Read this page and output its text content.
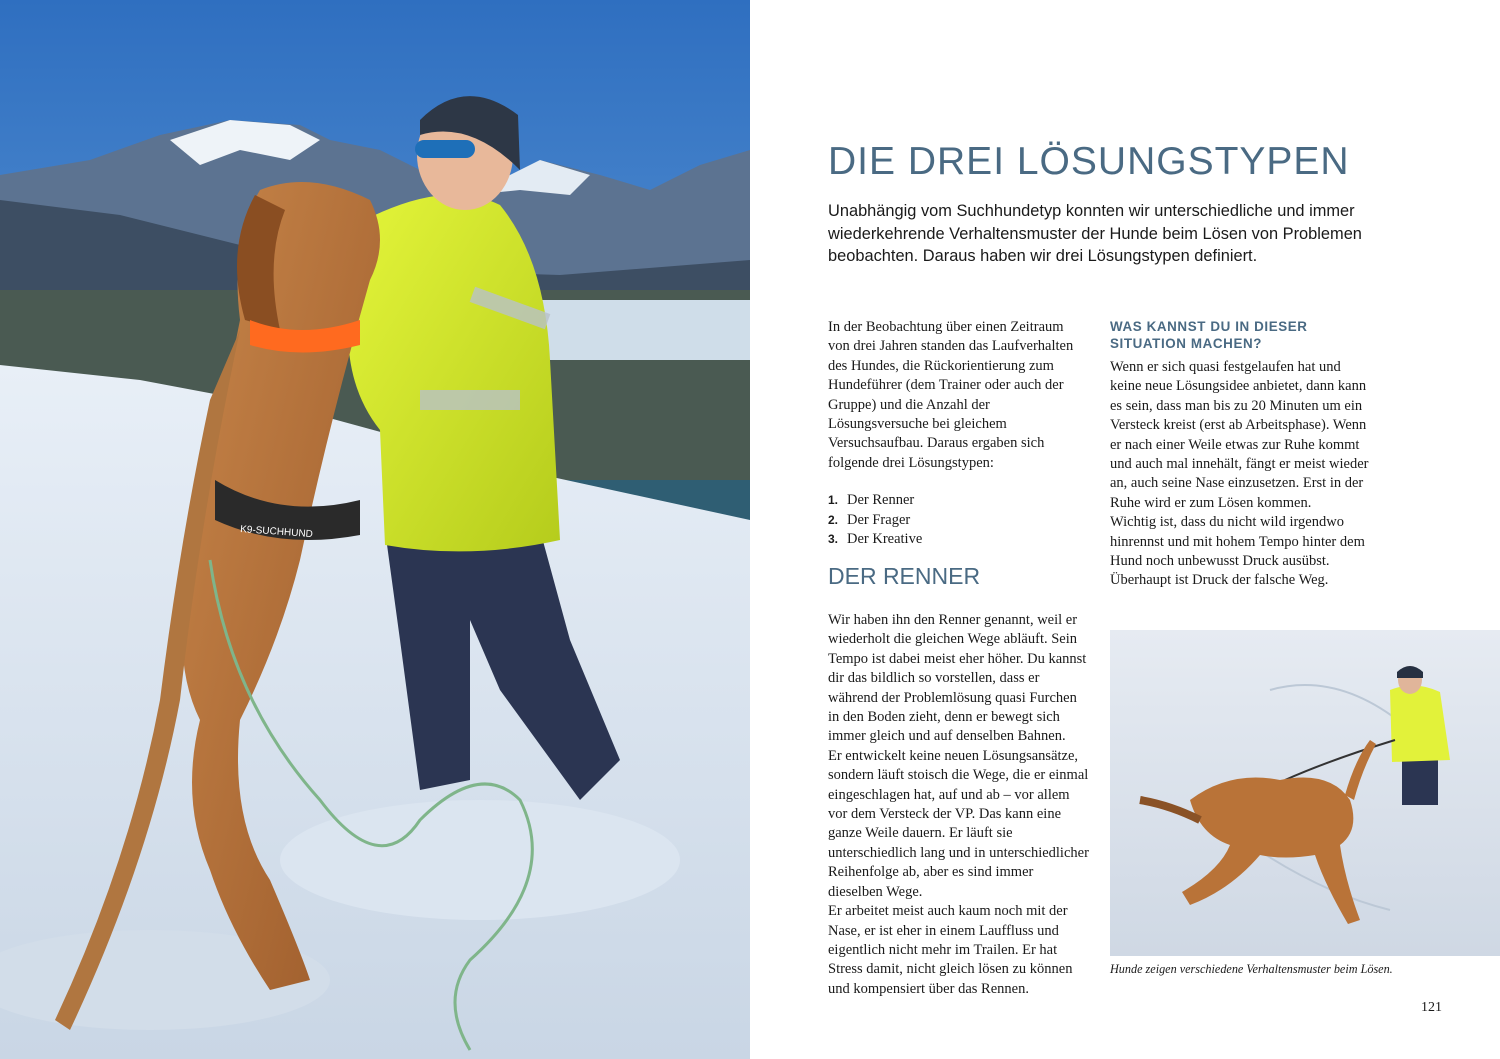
K9-SUCHHUND
DIE DREI LÖSUNGSTYPEN

Unabhängig vom Suchhundetyp konnten wir unterschiedliche und immer wiederkehrende Verhaltensmuster der Hunde beim Lösen von Problemen beobachten. Daraus haben wir drei Lösungstypen definiert.

In der Beobachtung über einen Zeitraum von drei Jahren standen das Laufverhalten des Hundes, die Rückorientierung zum Hundeführer (dem Trainer oder auch der Gruppe) und die Anzahl der Lösungsversuche bei gleichem Versuchsaufbau. Daraus ergaben sich folgende drei Lösungstypen:

1. Der Renner
2. Der Frager
3. Der Kreative
DER RENNER

Wir haben ihn den Renner genannt, weil er wiederholt die gleichen Wege abläuft. Sein Tempo ist dabei meist eher höher. Du kannst dir das bildlich so vorstellen, dass er während der Problemlösung quasi Furchen in den Boden zieht, denn er bewegt sich immer gleich und auf denselben Bahnen.

Er entwickelt keine neuen Lösungsansätze, sondern läuft stoisch die Wege, die er einmal eingeschlagen hat, auf und ab – vor allem vor dem Versteck der VP. Das kann eine ganze Weile dauern. Er läuft sie unterschiedlich lang und in unterschiedlicher Reihenfolge ab, aber es sind immer dieselben Wege.

Er arbeitet meist auch kaum noch mit der Nase, er ist eher in einem Lauffluss und eigentlich nicht mehr im Trailen. Er hat Stress damit, nicht gleich lösen zu können und kompensiert über das Rennen.

WAS KANNST DU IN DIESER SITUATION MACHEN?

Wenn er sich quasi festgelaufen hat und keine neue Lösungsidee anbietet, dann kann es sein, dass man bis zu 20 Minuten um ein Versteck kreist (erst ab Arbeitsphase). Wenn er nach einer Weile etwas zur Ruhe kommt und auch mal innehält, fängt er meist wieder an, auch seine Nase einzusetzen. Erst in der Ruhe wird er zum Lösen kommen.

Wichtig ist, dass du nicht wild irgendwo hinrennst und mit hohem Tempo hinter dem Hund noch unbewusst Druck ausübst. Überhaupt ist Druck der falsche Weg.

Hunde zeigen verschiedene Verhaltensmuster beim Lösen.

121
